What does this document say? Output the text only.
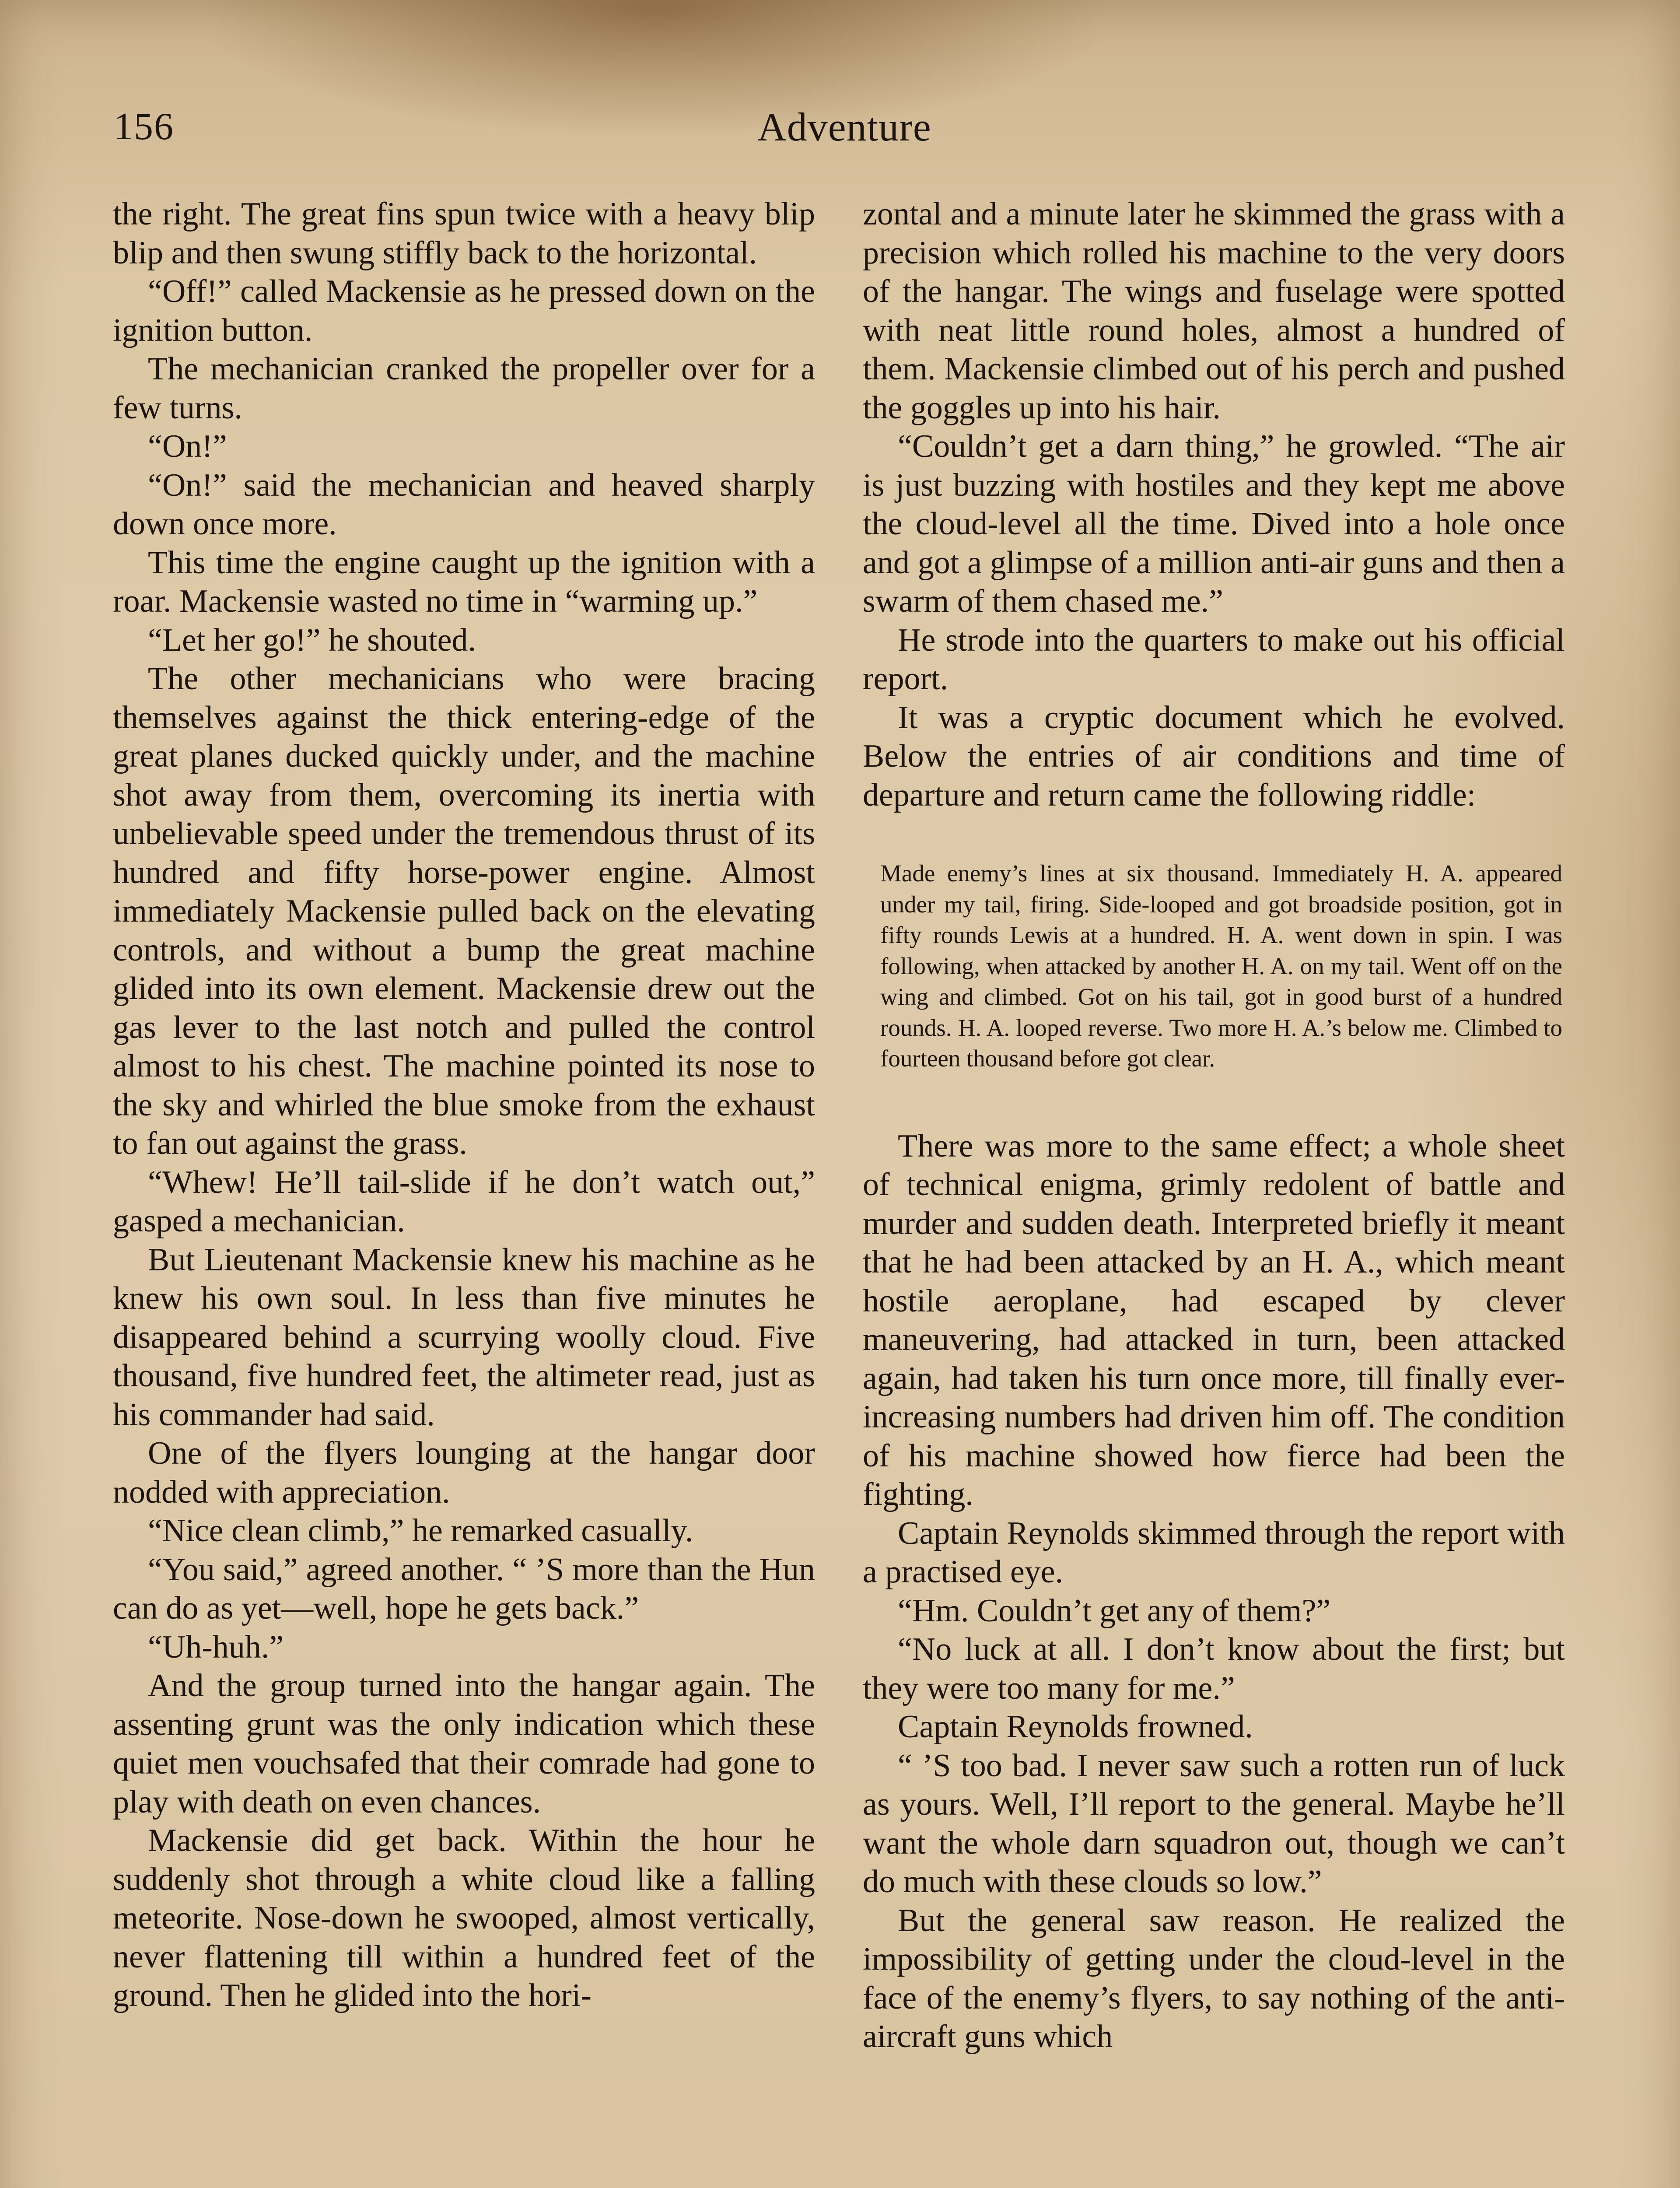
156	Adventure

the right. The great fins spun twice with a heavy blip blip and then swung stiffly back to the horizontal.

“Off!” called Mackensie as he pressed down on the ignition button.

The mechanician cranked the propeller over for a few turns.

“On!”

“On!” said the mechanician and heaved sharply down once more.

This time the engine caught up the ignition with a roar. Mackensie wasted no time in “warming up.”

“Let her go!” he shouted.

The other mechanicians who were bracing themselves against the thick entering-edge of the great planes ducked quickly under, and the machine shot away from them, overcoming its inertia with unbelievable speed under the tremendous thrust of its hundred and fifty horse-power engine. Almost immediately Mackensie pulled back on the elevating controls, and without a bump the great machine glided into its own element. Mackensie drew out the gas lever to the last notch and pulled the control almost to his chest. The machine pointed its nose to the sky and whirled the blue smoke from the exhaust to fan out against the grass.

“Whew! He’ll tail-slide if he don’t watch out,” gasped a mechanician.

But Lieutenant Mackensie knew his machine as he knew his own soul. In less than five minutes he disappeared behind a scurrying woolly cloud. Five thousand, five hundred feet, the altimeter read, just as his commander had said.

One of the flyers lounging at the hangar door nodded with appreciation.

“Nice clean climb,” he remarked casually.

“You said,” agreed another. “ ’S more than the Hun can do as yet—well, hope he gets back.”

“Uh-huh.”

And the group turned into the hangar again. The assenting grunt was the only indication which these quiet men vouchsafed that their comrade had gone to play with death on even chances.

Mackensie did get back. Within the hour he suddenly shot through a white cloud like a falling meteorite. Nose-down he swooped, almost vertically, never flattening till within a hundred feet of the ground. Then he glided into the hori-

zontal and a minute later he skimmed the grass with a precision which rolled his machine to the very doors of the hangar. The wings and fuselage were spotted with neat little round holes, almost a hundred of them. Mackensie climbed out of his perch and pushed the goggles up into his hair.

“Couldn’t get a darn thing,” he growled. “The air is just buzzing with hostiles and they kept me above the cloud-level all the time. Dived into a hole once and got a glimpse of a million anti-air guns and then a swarm of them chased me.”

He strode into the quarters to make out his official report.

It was a cryptic document which he evolved. Below the entries of air conditions and time of departure and return came the following riddle:

Made enemy’s lines at six thousand. Immediately H. A. appeared under my tail, firing. Side-looped and got broadside position, got in fifty rounds Lewis at a hundred. H. A. went down in spin. I was following, when attacked by another H. A. on my tail. Went off on the wing and climbed. Got on his tail, got in good burst of a hundred rounds. H. A. looped reverse. Two more H. A.’s below me. Climbed to fourteen thousand before got clear.

There was more to the same effect; a whole sheet of technical enigma, grimly redolent of battle and murder and sudden death. Interpreted briefly it meant that he had been attacked by an H. A., which meant hostile aeroplane, had escaped by clever maneuvering, had attacked in turn, been attacked again, had taken his turn once more, till finally ever-increasing numbers had driven him off. The condition of his machine showed how fierce had been the fighting.

Captain Reynolds skimmed through the report with a practised eye.

“Hm. Couldn’t get any of them?”

“No luck at all. I don’t know about the first; but they were too many for me.”

Captain Reynolds frowned.

“ ’S too bad. I never saw such a rotten run of luck as yours. Well, I’ll report to the general. Maybe he’ll want the whole darn squadron out, though we can’t do much with these clouds so low.”

But the general saw reason. He realized the impossibility of getting under the cloud-level in the face of the enemy’s flyers, to say nothing of the anti-aircraft guns which
